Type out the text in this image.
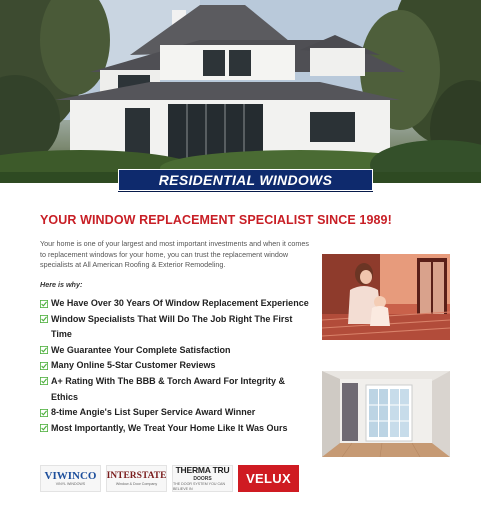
RESIDENTIAL WINDOWS
YOUR WINDOW REPLACEMENT SPECIALIST SINCE 1989!

Your home is one of your largest and most important investments and when it comes to replacement windows for your home, you can trust the replacement window specialists at All American Roofing & Exterior Remodeling.

Here is why:
We Have Over 30 Years Of Window Replacement Experience
Window Specialists That Will Do The Job Right The First Time
We Guarantee Your Complete Satisfaction
Many Online 5-Star Customer Reviews
A+ Rating With The BBB & Torch Award For Integrity & Ethics
8-time Angie's List Super Service Award Winner
Most Importantly, We Treat Your Home Like It Was Ours
VIWINCO
VINYL WINDOWS
INTERSTATE
Window & Door Company
THERMA TRU
DOORS
THE DOOR SYSTEM YOU CAN BELIEVE IN
VELUX
